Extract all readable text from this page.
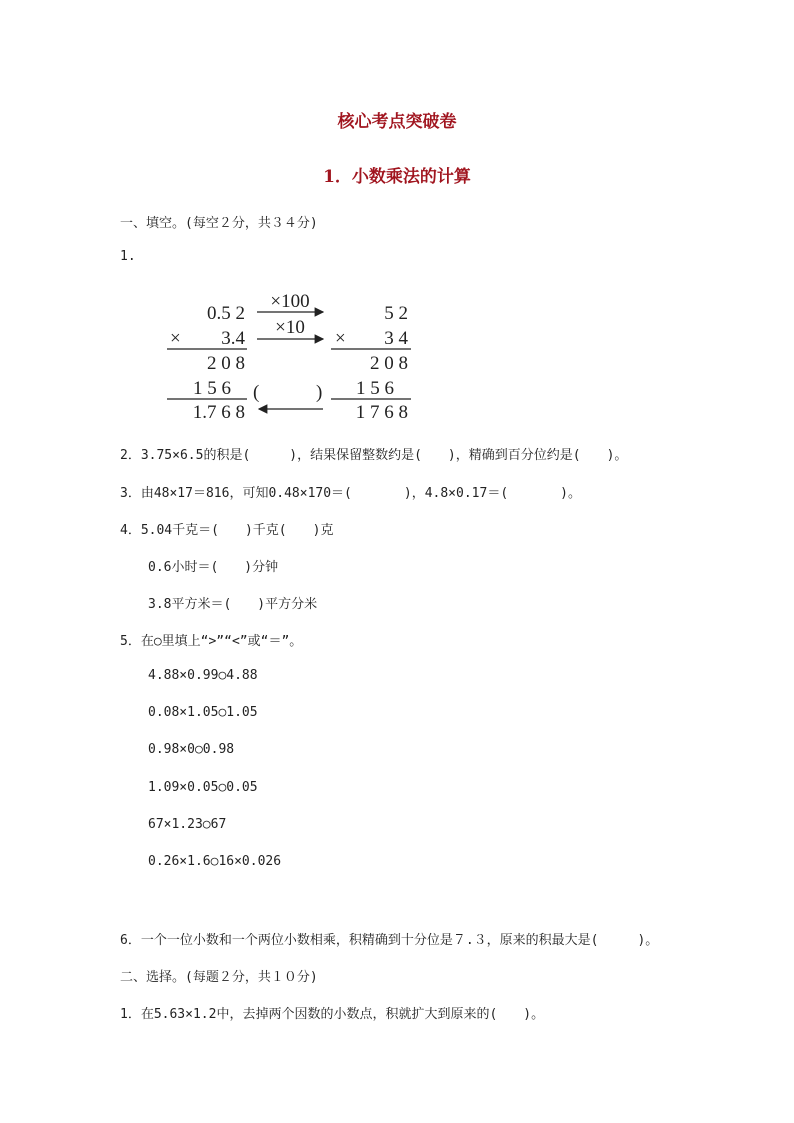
核心考点突破卷
1．小数乘法的计算
一、填空。(每空２分，共３４分)
1.
0.5 2
× 3.4
2 0 8
1 5 6
1.7 6 8
×100
×10
(	)
5 2
× 3 4
2 0 8
1 5 6
1 7 6 8
2．3.75×6.5的积是(　　　)，结果保留整数约是(　　)，精确到百分位约是(　　)。
3．由48×17＝816，可知0.48×170＝(　　　　)，4.8×0.17＝(　　　　)。
4．5.04千克＝(　　)千克(　　)克
0.6小时＝(　　)分钟
3.8平方米＝(　　)平方分米
5．在○里填上“>”“<”或“＝”。
4.88×0.99○4.88
0.08×1.05○1.05
0.98×0○0.98
1.09×0.05○0.05
67×1.23○67
0.26×1.6○16×0.026
6．一个一位小数和一个两位小数相乘，积精确到十分位是７.３，原来的积最大是(　　　)。
二、选择。(每题２分，共１０分)
1．在5.63×1.2中，去掉两个因数的小数点，积就扩大到原来的(　　)。
